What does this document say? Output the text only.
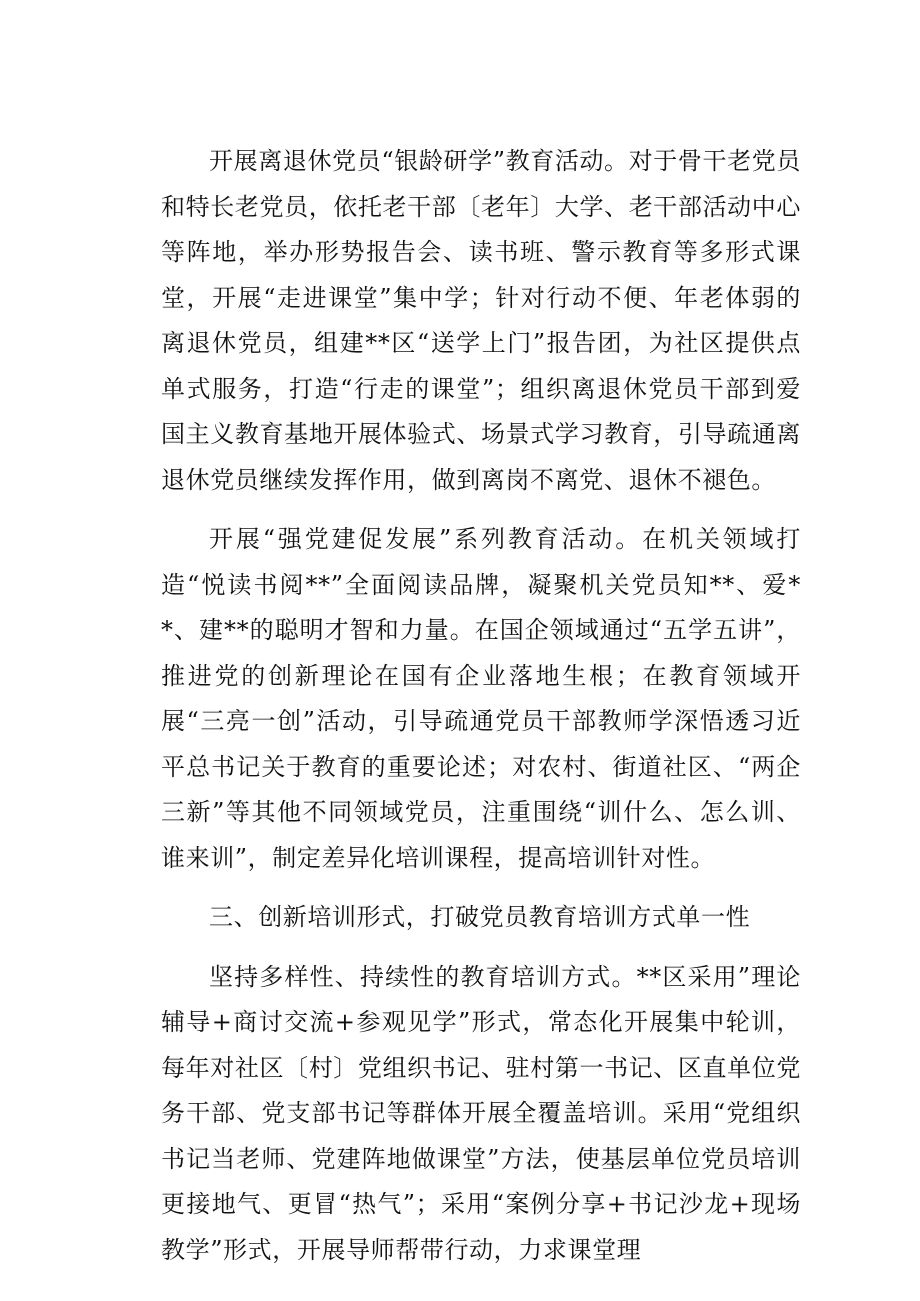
开展离退休党员“银龄研学”教育活动。对于骨干老党员和特长老党员，依托老干部〔老年〕大学、老干部活动中心等阵地，举办形势报告会、读书班、警示教育等多形式课堂，开展“走进课堂”集中学；针对行动不便、年老体弱的离退休党员，组建**区“送学上门”报告团，为社区提供点单式服务，打造“行走的课堂”；组织离退休党员干部到爱国主义教育基地开展体验式、场景式学习教育，引导疏通离退休党员继续发挥作用，做到离岗不离党、退休不褪色。

开展“强党建促发展”系列教育活动。在机关领域打造“悦读书阅**”全面阅读品牌，凝聚机关党员知**、爱**、建**的聪明才智和力量。在国企领域通过“五学五讲”，推进党的创新理论在国有企业落地生根；在教育领域开展“三亮一创”活动，引导疏通党员干部教师学深悟透习近平总书记关于教育的重要论述；对农村、街道社区、“两企三新”等其他不同领域党员，注重围绕“训什么、怎么训、谁来训”，制定差异化培训课程，提高培训针对性。

三、创新培训形式，打破党员教育培训方式单一性

坚持多样性、持续性的教育培训方式。**区采用”理论辅导+商讨交流+参观见学”形式，常态化开展集中轮训，每年对社区〔村〕党组织书记、驻村第一书记、区直单位党务干部、党支部书记等群体开展全覆盖培训。采用“党组织书记当老师、党建阵地做课堂”方法，使基层单位党员培训更接地气、更冒“热气”；采用“案例分享+书记沙龙+现场教学”形式，开展导师帮带行动，力求课堂理
